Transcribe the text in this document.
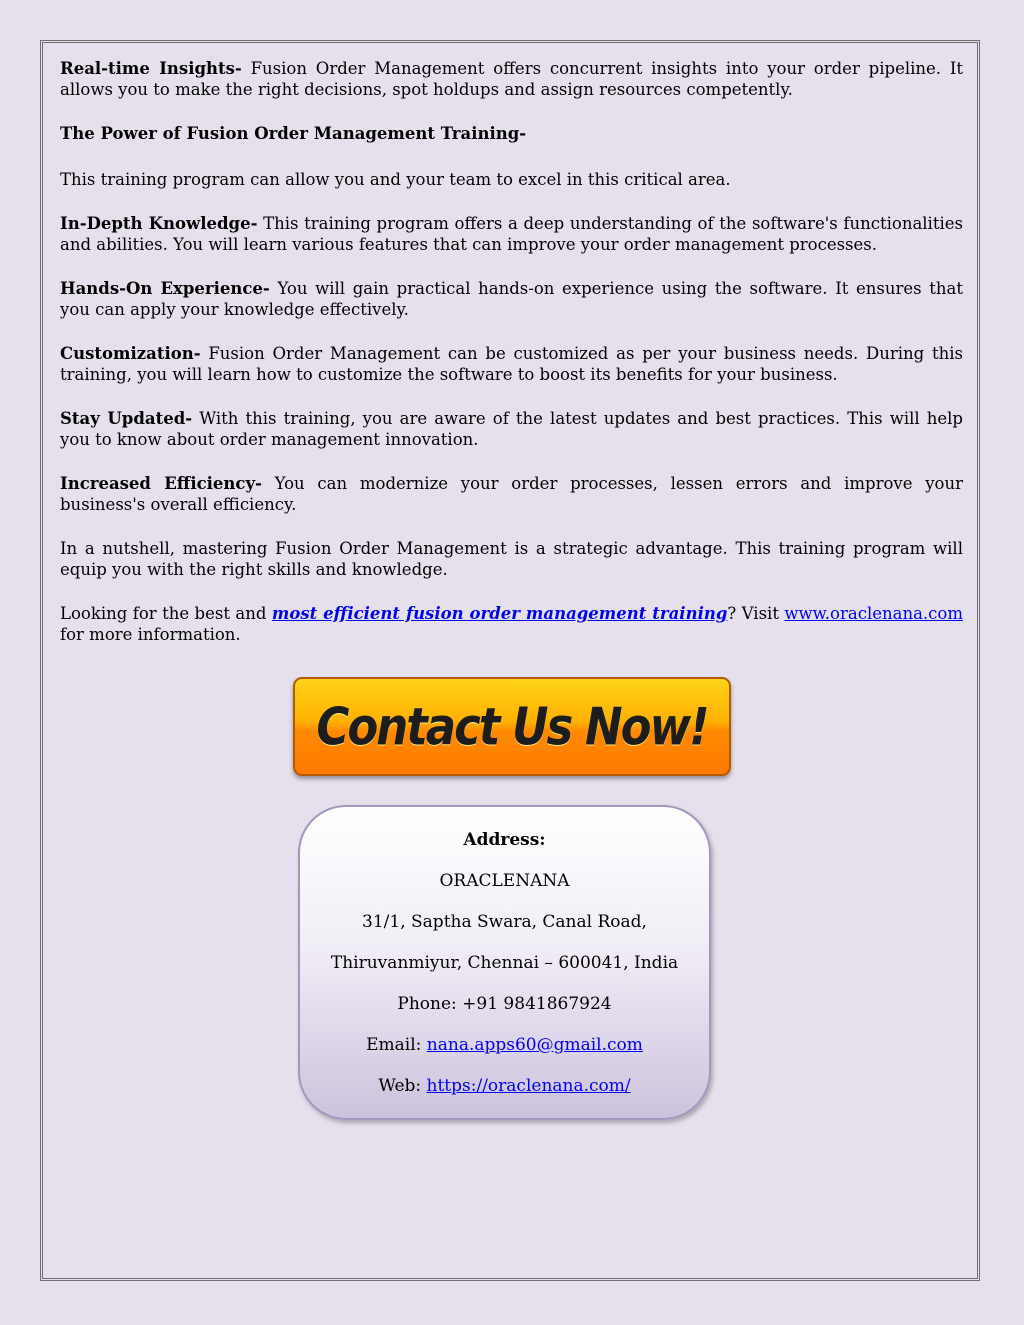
Real-time Insights- Fusion Order Management offers concurrent insights into your order pipeline. It allows you to make the right decisions, spot holdups and assign resources competently.

The Power of Fusion Order Management Training-

This training program can allow you and your team to excel in this critical area.

In-Depth Knowledge- This training program offers a deep understanding of the software's functionalities and abilities. You will learn various features that can improve your order management processes.

Hands-On Experience- You will gain practical hands-on experience using the software. It ensures that you can apply your knowledge effectively.

Customization- Fusion Order Management can be customized as per your business needs. During this training, you will learn how to customize the software to boost its benefits for your business.

Stay Updated- With this training, you are aware of the latest updates and best practices. This will help you to know about order management innovation.

Increased Efficiency- You can modernize your order processes, lessen errors and improve your business's overall efficiency.

In a nutshell, mastering Fusion Order Management is a strategic advantage. This training program will equip you with the right skills and knowledge.

Looking for the best and most efficient fusion order management training? Visit www.oraclenana.com for more information.

Contact Us Now!
Address:
ORACLENANA
31/1, Saptha Swara, Canal Road,
Thiruvanmiyur, Chennai – 600041, India
Phone: +91 9841867924
Email: nana.apps60@gmail.com
Web: https://oraclenana.com/
